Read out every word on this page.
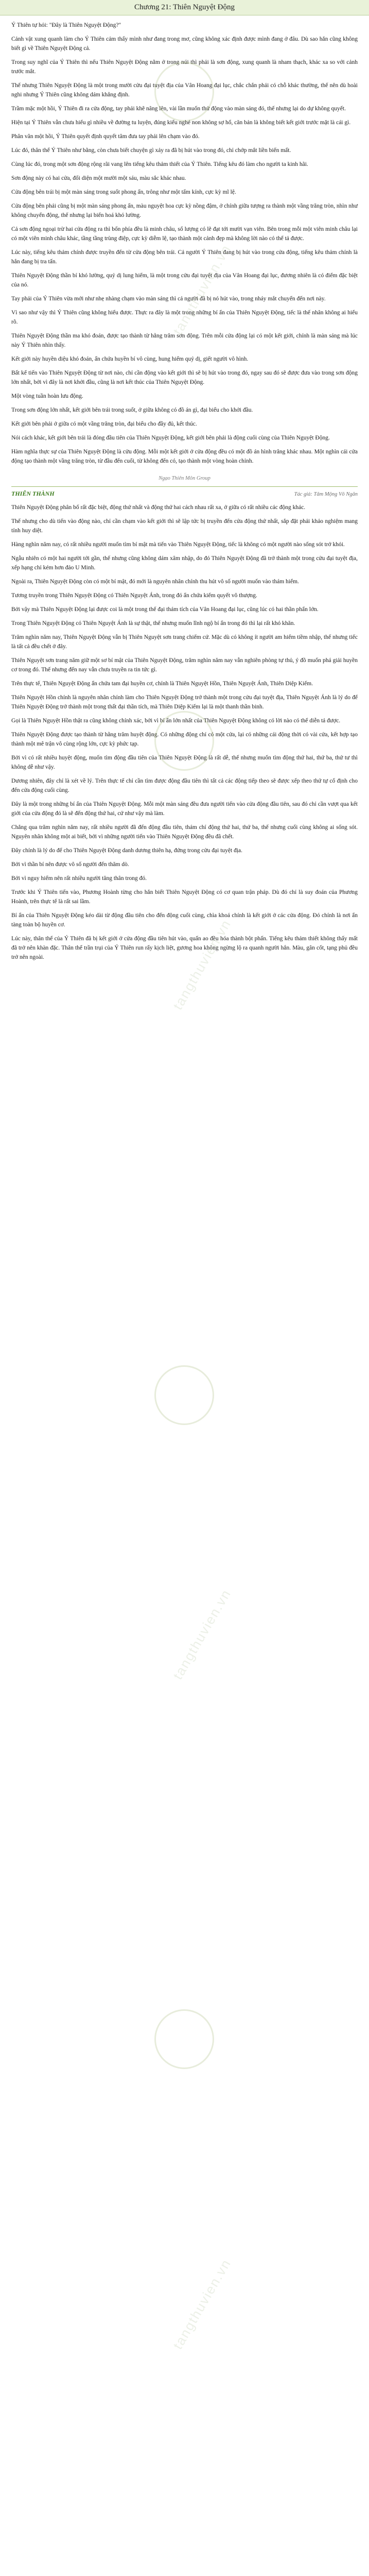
tangthuvien.vn
tangthuvien.vn
tangthuvien.vn
tangthuvien.vn
Chương 21: Thiên Nguyệt Động

Ý Thiên tự hỏi: "Đây là Thiên Nguyệt Động?"

Cảnh vật xung quanh làm cho Ý Thiên cảm thấy mình như đang trong mơ, cũng không xác định được mình đang ở đâu. Dù sao hắn cũng không biết gì về Thiên Nguyệt Động cả.

Trong suy nghĩ của Ý Thiên thì nếu Thiên Nguyệt Động nằm ở trong núi thì phải là sơn động, xung quanh là nham thạch, khác xa so với cảnh trước mắt.

Thế nhưng Thiên Nguyệt Động là một trong mười cửu đại tuyệt địa của Vân Hoang đại lục, chắc chắn phải có chỗ khác thường, thế nên dù hoài nghi nhưng Ý Thiên cũng không dám khẳng định.

Trầm mặc một hồi, Ý Thiên đi ra cửa động, tay phải khẽ nâng lên, vài lần muốn thử động vào màn sáng đó, thế nhưng lại do dự không quyết.

Hiện tại Ý Thiên vẫn chưa hiểu gì nhiều về đường tu luyện, đúng kiểu nghé non không sợ hổ, căn bản là không biết kết giới trước mặt là cái gì.

Phân vân một hồi, Ý Thiên quyết định quyết tâm đưa tay phải lên chạm vào đó.

Lúc đó, thân thể Ý Thiên như bằng, còn chưa biết chuyện gì xảy ra đã bị hút vào trong đó, chỉ chớp mắt liền biến mất.

Cùng lúc đó, trong một sơn động rộng rãi vang lên tiếng kêu thảm thiết của Ý Thiên. Tiếng kêu đó làm cho người ta kinh hãi.

Sơn động này có hai cửa, đối diện một mười một sáu, màu sắc khác nhau.

Cửa động bên trái bị một màn sáng trong suốt phong ấn, trông như một tấm kính, cực kỳ mĩ lệ.

Cửa động bên phải cũng bị một màn sáng phong ấn, màu nguyệt hoa cực kỳ nồng đậm, ở chính giữa tượng ra thành một vầng trăng tròn, nhìn như không chuyển động, thế nhưng lại biến hoá khó lường.

Cả sơn động ngoại trừ hai cửa động ra thì bốn phía đều là minh châu, số lượng có lẽ đạt tới mười vạn viên. Bên trong mỗi một viên minh châu lại có một viên minh châu khác, tầng tầng trùng điệp, cực kỳ diễm lệ, tạo thành một cảnh đẹp mà không lời nào có thể tả được.

Lúc này, tiếng kêu thảm chính được truyền đến từ cửa động bên trái. Cả người Ý Thiên đang bị hút vào trong cửa động, tiếng kêu thảm chính là hắn đang bị tra tấn.

Thiên Nguyệt Động thần bí khó lường, quỷ dị lung hiểm, là một trong cửu đại tuyệt địa của Vân Hoang đại lục, đương nhiên là có điểm đặc biệt của nó.

Tay phải của Ý Thiên vừa mới như nhẹ nhàng chạm vào màn sáng thì cả người đã bị nó hút vào, trong nháy mắt chuyển đến nơi này.

Vì sao như vậy thì Ý Thiên cũng không hiểu được. Thực ra đây là một trong những bí ẩn của Thiên Nguyệt Động, tiếc là thế nhân không ai hiểu rõ.

Thiên Nguyệt Động thần ma khó đoán, được tạo thành từ hằng trăm sơn động. Trên mỗi cửa động lại có một kết giới, chính là màn sáng mà lúc này Ý Thiên nhìn thấy.

Kết giới này huyền diệu khó đoán, ẩn chứa huyền bí vô cùng, hung hiểm quỷ dị, giết người vô hình.

Bất kể tiến vào Thiên Nguyệt Động từ nơi nào, chỉ cần động vào kết giới thì sẽ bị hút vào trong đó, ngay sau đó sẽ được đưa vào trong sơn động lớn nhất, bởi vì đây là nơi khởi đầu, cũng là nơi kết thúc của Thiên Nguyệt Động.

Một vòng tuần hoàn lưu động.

Trong sơn động lớn nhất, kết giới bên trái trong suốt, ở giữa không có đồ án gì, đại biểu cho khởi đầu.

Kết giới bên phải ở giữa có một vầng trăng tròn, đại biểu cho đầy đủ, kết thúc.

Nói cách khác, kết giới bên trái là đóng đầu tiên của Thiên Nguyệt Động, kết giới bên phải là động cuối cùng của Thiên Nguyệt Động.

Hàm nghĩa thực sự của Thiên Nguyệt Động là cửu động. Mỗi một kết giới ở cửa động đều có một đồ án hình trăng khác nhau. Một nghìn cái cửa động tạo thành một vầng trăng tròn, từ đầu đến cuối, từ không đến có, tạo thành một vòng hoàn chỉnh.

Ngạo Thiên Môn Group
THIÊN THÀNH	Tác giả: Tâm Mộng Vô Ngân

Thiên Nguyệt Động phân bố rất đặc biệt, động thứ nhất và động thứ hai cách nhau rất xa, ở giữa có rất nhiều các động khác.

Thế nhưng cho dù tiến vào động nào, chỉ cần chạm vào kết giới thì sẽ lập tức bị truyền đến cửa động thứ nhất, sắp đặt phải khảo nghiệm mang tính huy diệt.

Hàng nghìn năm nay, có rất nhiều người muốn tìm bí mật mà tiến vào Thiên Nguyệt Động, tiếc là không có một người nào sống sót trở khỏi.

Ngẫu nhiên có một hai người tới gần, thế nhưng cũng không dám xâm nhập, do đó Thiên Nguyệt Động đã trở thành một trong cửu đại tuyệt địa, xếp hạng chỉ kém hơn đảo U Minh.

Ngoài ra, Thiên Nguyệt Động còn có một bí mật, đó mới là nguyên nhân chính thu hút vô số người muốn vào thám hiểm.

Tương truyền trong Thiên Nguyệt Động có Thiên Nguyệt Ánh, trong đó ẩn chứa kiếm quyết vô thượng.

Bởi vậy mà Thiên Nguyệt Động lại được coi là một trong thế đại thám tích của Vân Hoang đại lục, cũng lúc có hai thần phẩn lớn.

Trong Thiên Nguyệt Động có Thiên Nguyệt Ánh là sự thật, thế nhưng muốn lĩnh ngộ bí ẩn trong đó thì lại rất khó khăn.

Trăm nghìn năm nay, Thiên Nguyệt Động vẫn bị Thiên Nguyệt sơn trang chiếm cứ. Mặc dù có không ít người am hiểm tiềm nhập, thế nhưng tiếc là tất cả đều chết ở đây.

Thiên Nguyệt sơn trang năm giữ một sơ bí mật của Thiên Nguyệt Động, trăm nghìn năm nay vẫn nghiên phòng tự thủ, ý đồ muốn phá giải huyền cơ trong đó. Thế nhưng đến nay vẫn chưa truyền ra tin tức gì.

Trên thực tế, Thiên Nguyệt Động ẩn chứa tam đại huyền cơ, chính là Thiên Nguyệt Hồn, Thiên Nguyệt Ánh, Thiên Diệp Kiếm.

Thiên Nguyệt Hồn chính là nguyên nhân chính làm cho Thiên Nguyệt Động trở thành một trong cửu đại tuyệt địa, Thiên Nguyệt Ánh là lý do để Thiên Nguyệt Động trở thành một trong thất đại thần tích, mà Thiên Diệp Kiếm lại là một thanh thần binh.

Gọi là Thiên Nguyệt Hồn thật ra cũng không chính xác, bởi vì bí ẩn lớn nhất của Thiên Nguyệt Động không có lời nào có thể diễn tả được.

Thiên Nguyệt Động được tạo thành từ hằng trăm huyệt động. Có những động chỉ có một cửa, lại có những cái động thời có vài cửa, kết hợp tạo thành một mê trận vô cùng rộng lớn, cực kỳ phức tạp.

Bởi vì có rất nhiều huyệt động, muốn tìm động đầu tiên của Thiên Nguyệt Động là rất dễ, thế nhưng muốn tìm động thứ hai, thứ ba, thứ tư thì không dễ như vậy.

Dương nhiên, đây chỉ là xét về lý. Trên thực tế chỉ cần tìm được động đầu tiên thì tất cả các động tiếp theo sẽ được xếp theo thứ tự cố định cho đến cửa động cuối cùng.

Đây là một trong những bí ẩn của Thiên Nguyệt Động. Mỗi một màn sáng đều đưa người tiến vào cửa động đầu tiên, sau đó chỉ cần vượt qua kết giới của cửa động đó là sẽ đến động thứ hai, cứ như vậy mà làm.

Chẳng qua trăm nghìn năm nay, rất nhiều người đã đến động đầu tiên, thám chí động thứ hai, thứ ba, thế nhưng cuối cùng không ai sống sót. Nguyên nhân không một ai biết, bởi vì những người tiến vào Thiên Nguyệt Động đều đã chết.

Đây chính là lý do để cho Thiên Nguyệt Động danh dương thiên hạ, đứng trong cửu đại tuyệt địa.

Bởi vì thần bí nên được vô số người đến thăm dò.

Bởi vì nguy hiểm nên rất nhiều người tăng thân trong đó.

Trước khi Ý Thiên tiến vào, Phương Hoành từng cho hắn biết Thiên Nguyệt Động có cơ quan trận pháp. Dù đó chỉ là suy đoán của Phương Hoành, trên thực tế là rất sai lầm.

Bí ẩn của Thiên Nguyệt Động kéo dài từ động đầu tiên cho đến động cuối cùng, chìa khoá chính là kết giới ở các cửa động. Đó chính là nơi ẩn tàng toàn bộ huyền cơ.

Lúc này, thân thể của Ý Thiên đã bị kết giới ở cửa động đầu tiên hút vào, quấn ao đều hóa thành bột phấn. Tiếng kêu thảm thiết không thấy mất đã trở nên khàn đặc. Thân thể trần trụi của Ý Thiên run rẩy kịch liệt, gương hoa không ngừng lộ ra quanh người hắn. Màu, gân cốt, tạng phủ đều trở nên ngoài.
